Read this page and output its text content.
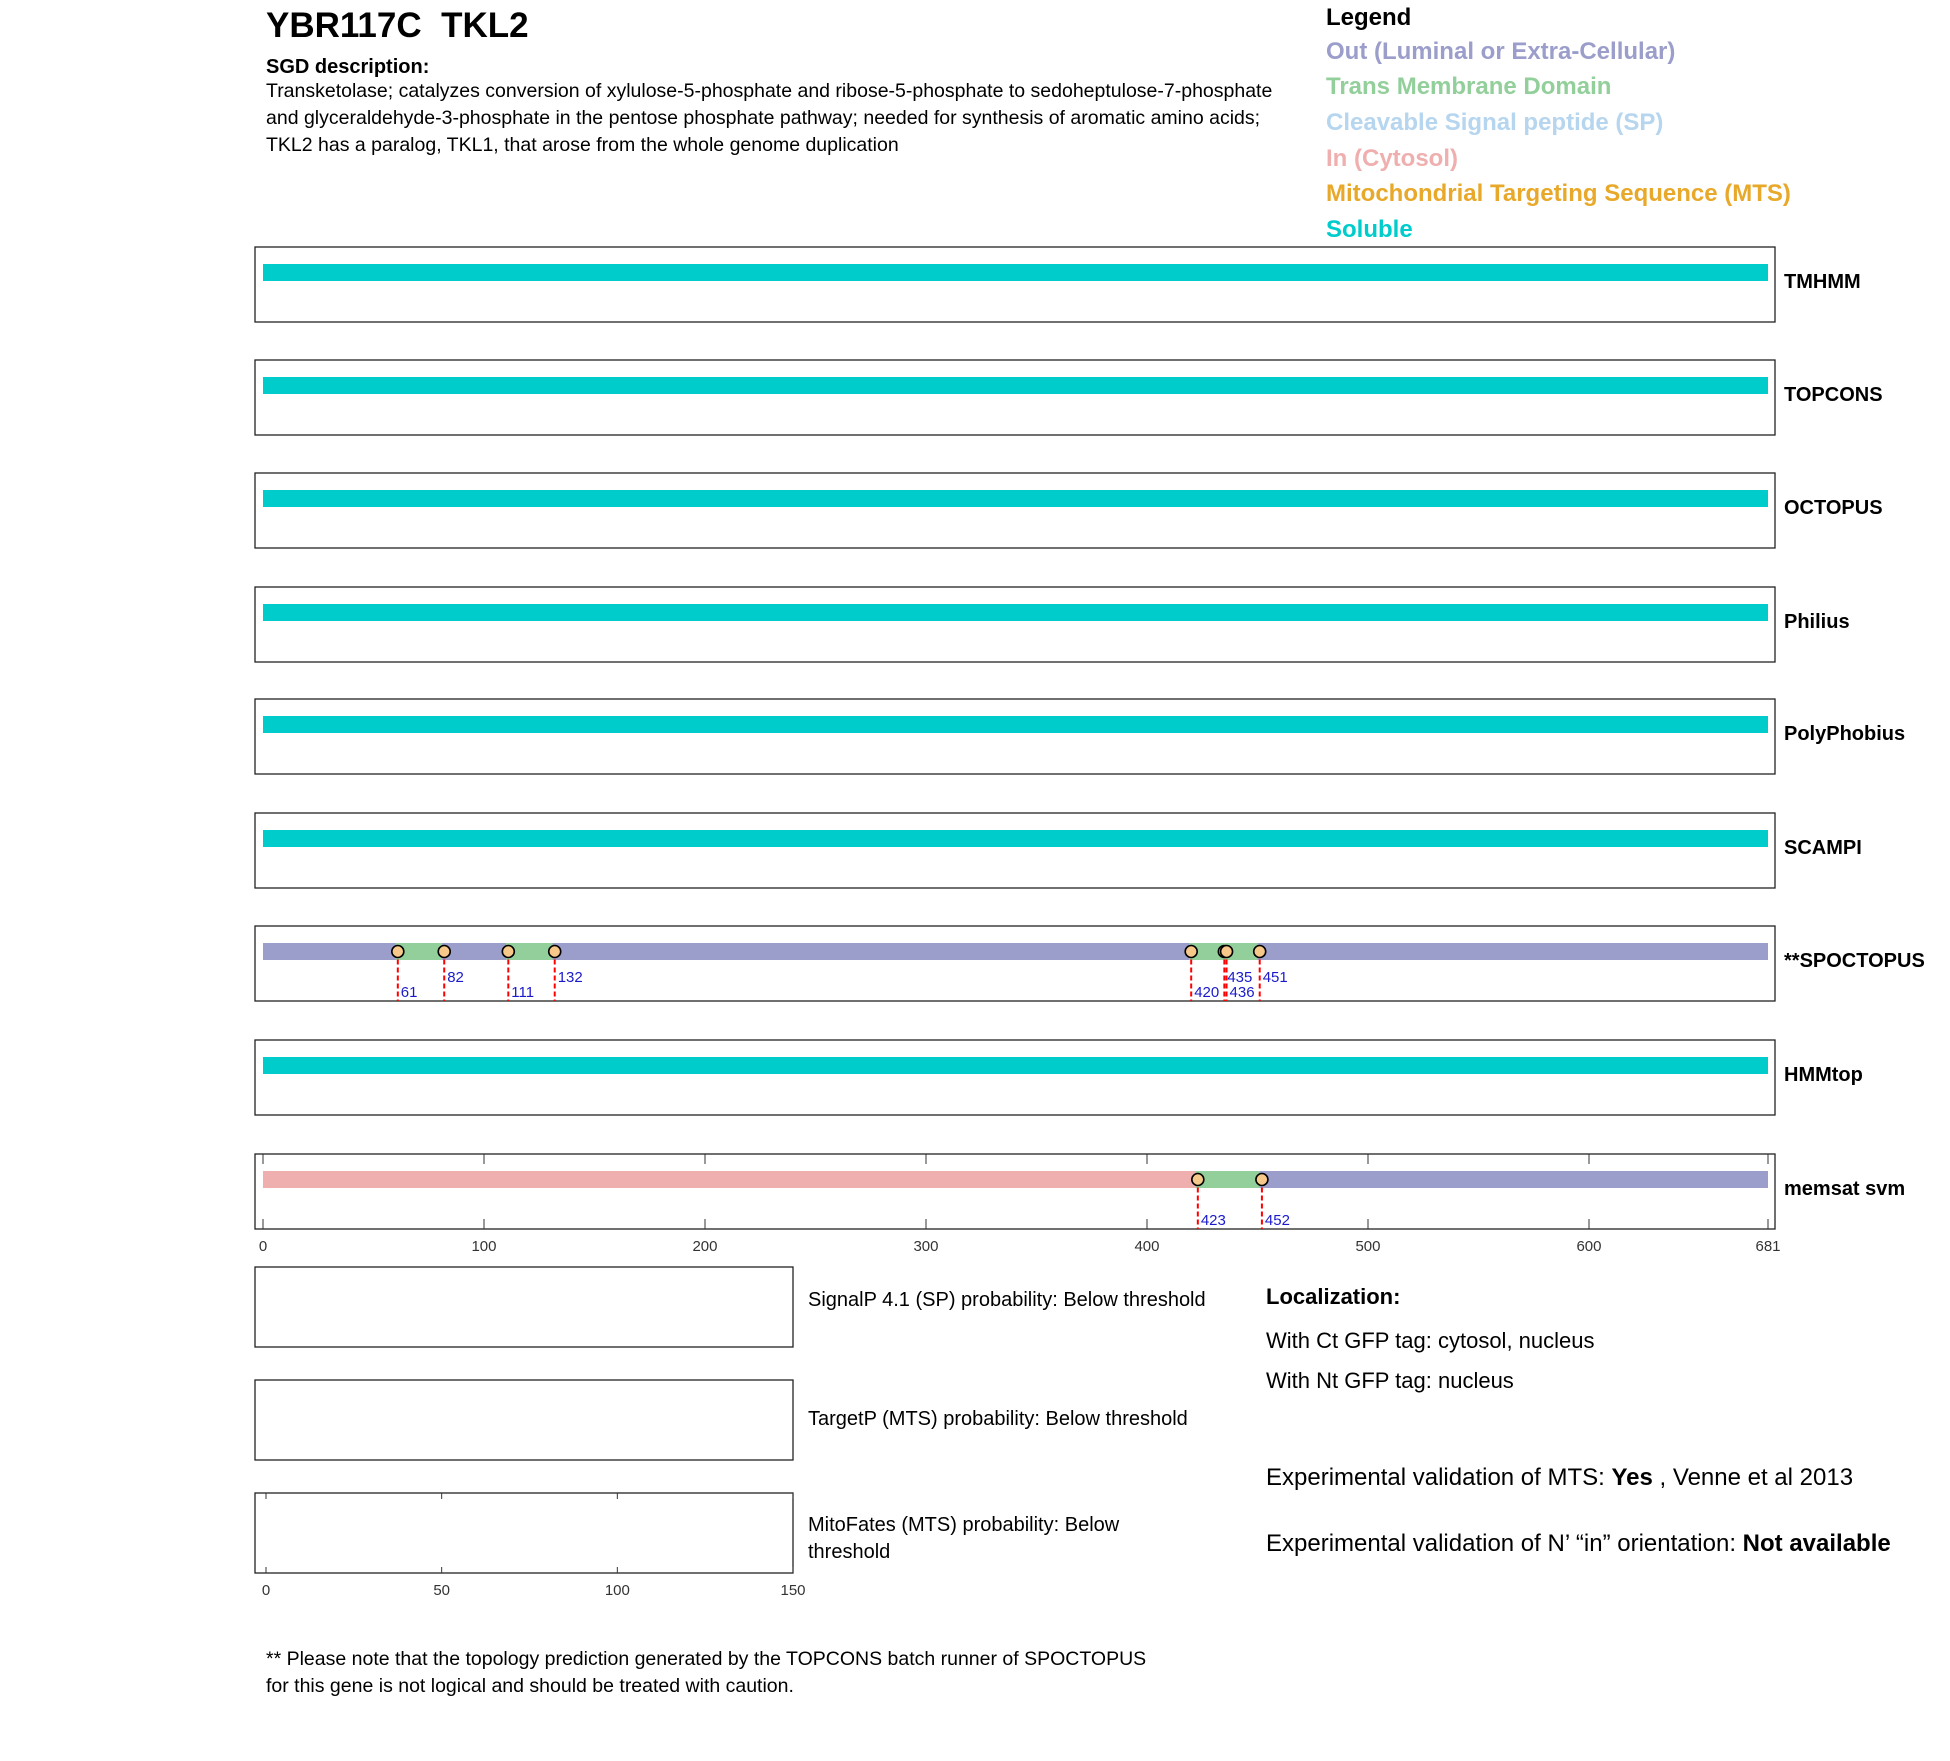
YBR117C  TKL2
SGD description:
Transketolase; catalyzes conversion of xylulose-5-phosphate and ribose-5-phosphate to sedoheptulose-7-phosphate and glyceraldehyde-3-phosphate in the pentose phosphate pathway; needed for synthesis of aromatic amino acids; TKL2 has a paralog, TKL1, that arose from the whole genome duplication
Legend
Out (Luminal or Extra-Cellular)
Trans Membrane Domain
Cleavable Signal peptide (SP)
In (Cytosol)
Mitochondrial Targeting Sequence (MTS)
Soluble
TMHMM
TOPCONS
OCTOPUS
Philius
PolyPhobius
SCAMPI
61
82
111
132
420
435
436
451
**SPOCTOPUS
HMMtop
423	452
memsat svm
0	100	200	300	400	500	600	681
0	50	100	150
SignalP 4.1 (SP) probability: Below threshold
TargetP (MTS) probability: Below threshold
MitoFates (MTS) probability: Below threshold
Localization:
With Ct GFP tag: cytosol, nucleus
With Nt GFP tag: nucleus
Experimental validation of MTS: Yes , Venne et al 2013
Experimental validation of N’ “in” orientation: Not available
** Please note that the topology prediction generated by the TOPCONS batch runner of SPOCTOPUS for this gene is not logical and should be treated with caution.
